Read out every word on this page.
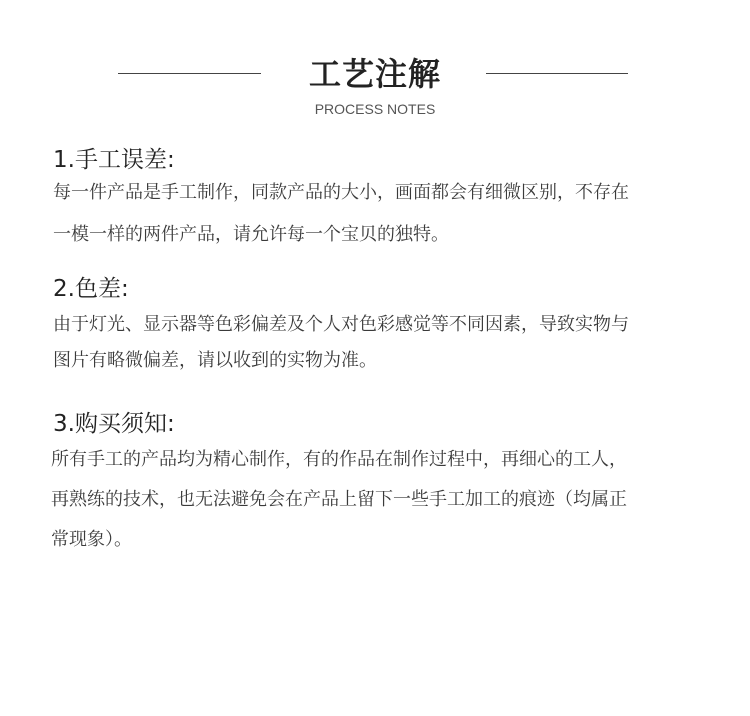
工艺注解
PROCESS NOTES
1.手工误差:
每一件产品是手工制作，同款产品的大小，画面都会有细微区别，不存在
一模一样的两件产品，请允许每一个宝贝的独特。
2.色差:
由于灯光、显示器等色彩偏差及个人对色彩感觉等不同因素，导致实物与
图片有略微偏差，请以收到的实物为准。
3.购买须知:
所有手工的产品均为精心制作，有的作品在制作过程中，再细心的工人，
再熟练的技术，也无法避免会在产品上留下一些手工加工的痕迹（均属正
常现象）。
